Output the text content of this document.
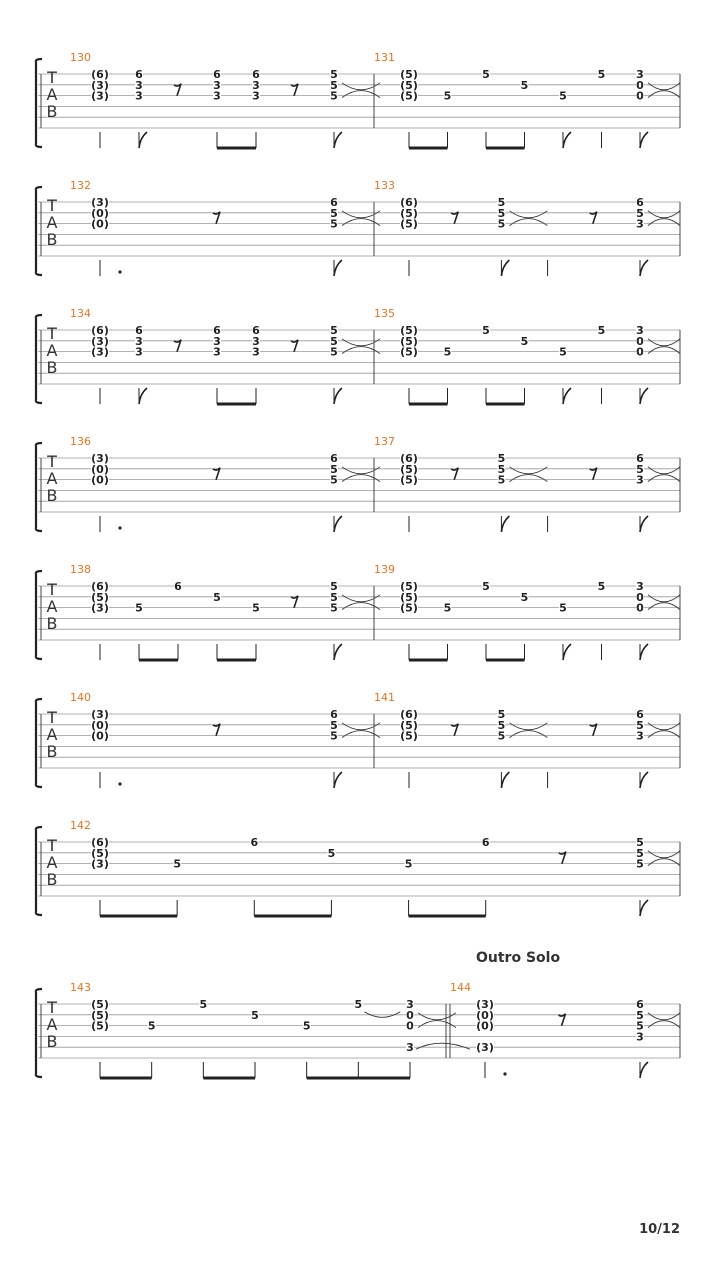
T
A
B
130
(6)
(3)
(3)
6
3
3
6
3
3
6
3
3
5
5
5
131
(5)
(5)
(5) 5
5
5
5
5	3
0
0
T
A
B
132
(3)
(0)
(0)
6
5
5
133
(6)
(5)
(5)
5
5
5
6
5
3
T
A
B
134
(6)
(3)
(3)
6
3
3
6
3
3
6
3
3
5
5
5
135
(5)
(5)
(5) 5
5
5
5
5	3
0
0
T
A
B
136
(3)
(0)
(0)
6
5
5
137
(6)
(5)
(5)
5
5
5
6
5
3
T
A
B
138
(6)
(5)
(3) 5
6
5
5
5
5
5
139
(5)
(5)
(5) 5
5
5
5
5	3
0
0
T
A
B
140
(3)
(0)
(0)
6
5
5
141
(6)
(5)
(5)
5
5
5
6
5
3
T
A
B
142
(6)
(5)
(3)	5
6
5
5
6	5
5
5
T
A
B
143
(5)
(5)
(5)	5
5
5
5
5	3
0
0
3
144
(3)
(0)
(0)
(3)
6
5
5
3
Outro Solo
10/12
